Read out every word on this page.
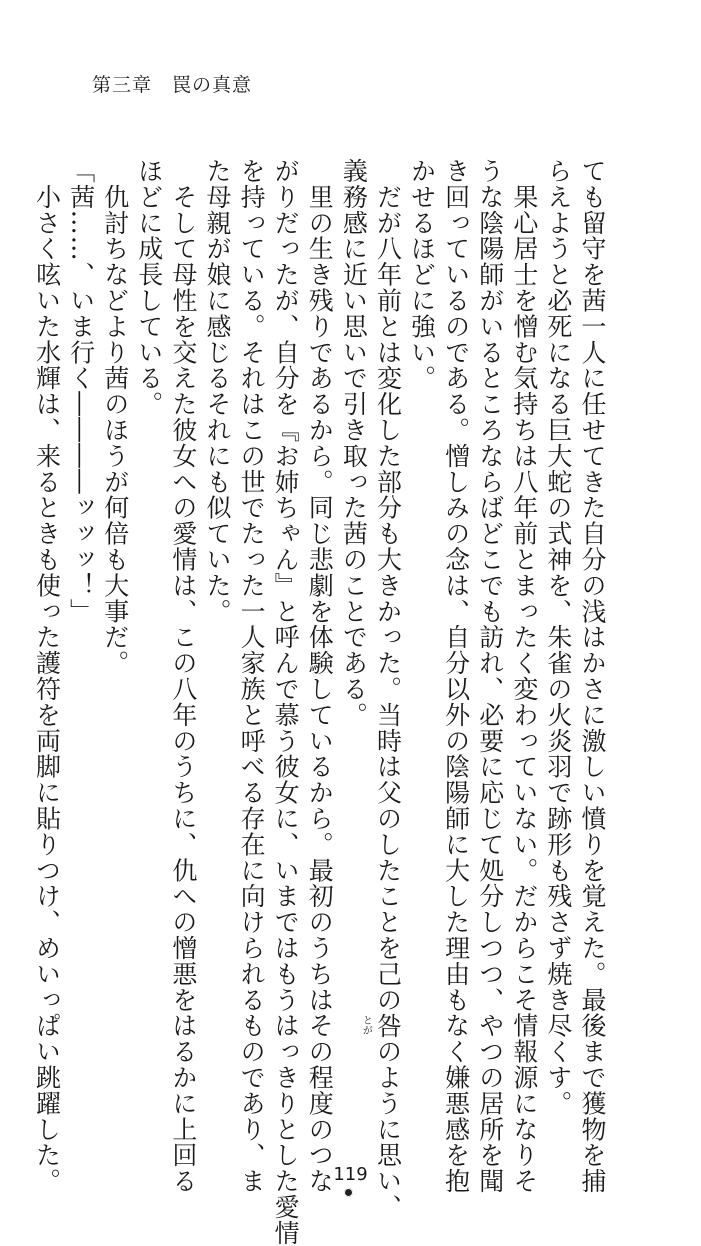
第三章　罠の真意
ても留守を茜一人に任せてきた自分の浅はかさに激しい憤りを覚えた。最後まで獲物を捕
らえようと必死になる巨大蛇の式神を、朱雀の火炎羽で跡形も残さず焼き尽くす。
　果心居士を憎む気持ちは八年前とまったく変わっていない。だからこそ情報源になりそ
うな陰陽師がいるところならばどこでも訪れ、必要に応じて処分しつつ、やつの居所を聞
き回っているのである。憎しみの念は、自分以外の陰陽師に大した理由もなく嫌悪感を抱
かせるほどに強い。
　だが八年前とは変化した部分も大きかった。当時は父のしたことを己の咎
とが
のように思い、
義務感に近い思いで引き取った茜のことである。
　里の生き残りであるから。同じ悲劇を体験しているから。最初のうちはその程度のつな
がりだったが、自分を『お姉ちゃん』と呼んで慕う彼女に、いまではもうはっきりとした愛情
を持っている。それはこの世でたった一人家族と呼べる存在に向けられるものであり、ま
た母親が娘に感じるそれにも似ていた。
　そして母性を交えた彼女への愛情は、この八年のうちに、仇への憎悪をはるかに上回る
ほどに成長している。
　仇討ちなどより茜のほうが何倍も大事だ。
「茜……、いま行く――――ッッッ！」
　小さく呟いた水輝は、来るときも使った護符を両脚に貼りつけ、めいっぱい跳躍した。	119
